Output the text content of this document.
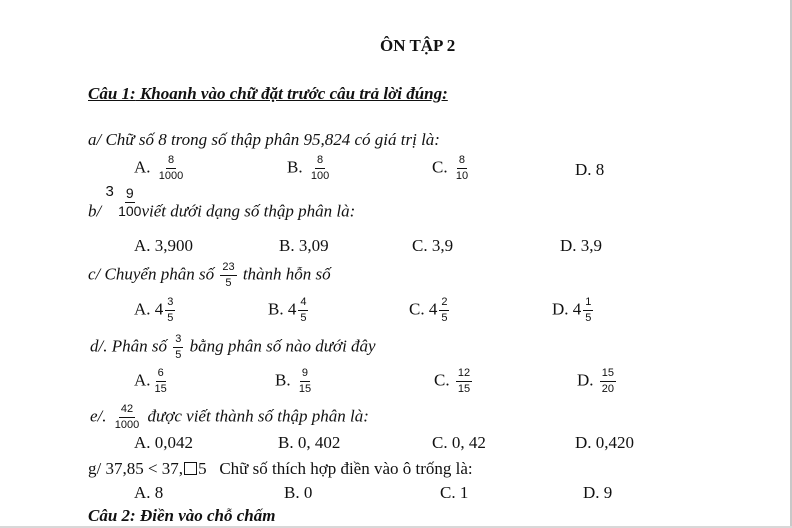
ÔN TẬP 2
Câu 1: Khoanh vào chữ đặt trước câu trả lời đúng:
a/ Chữ số 8 trong số thập phân 95,824 có giá trị là:
A. $\frac{8}{1000}$	B. $\frac{8}{100}$	C. $\frac{8}{10}$	D. 8
b/ $3 \frac{9}{100}$ viết dưới dạng số thập phân là:
A. 3,900	B. 3,09	C. 3,9	D. 3,9
c/ Chuyển phân số $\frac{23}{5}$ thành hỗn số
A. $4 \frac{3}{5}$	B. $4 \frac{4}{5}$	C. $4 \frac{2}{5}$	D. $4 \frac{1}{5}$
d/. Phân số $\frac{3}{5}$ bằng phân số nào dưới đây
A. $\frac{6}{15}$	B. $\frac{9}{15}$	C. $\frac{12}{15}$	D. $\frac{15}{20}$
e/. $\frac{42}{1000}$ được viết thành số thập phân là:
A. 0,042	B. 0, 402	C. 0, 42	D. 0,420
g/ 37,85 < 37, 5   Chữ số thích hợp điền vào ô trống là:
A. 8	B. 0	C. 1	D. 9
Câu 2: Điền vào chỗ chấm
